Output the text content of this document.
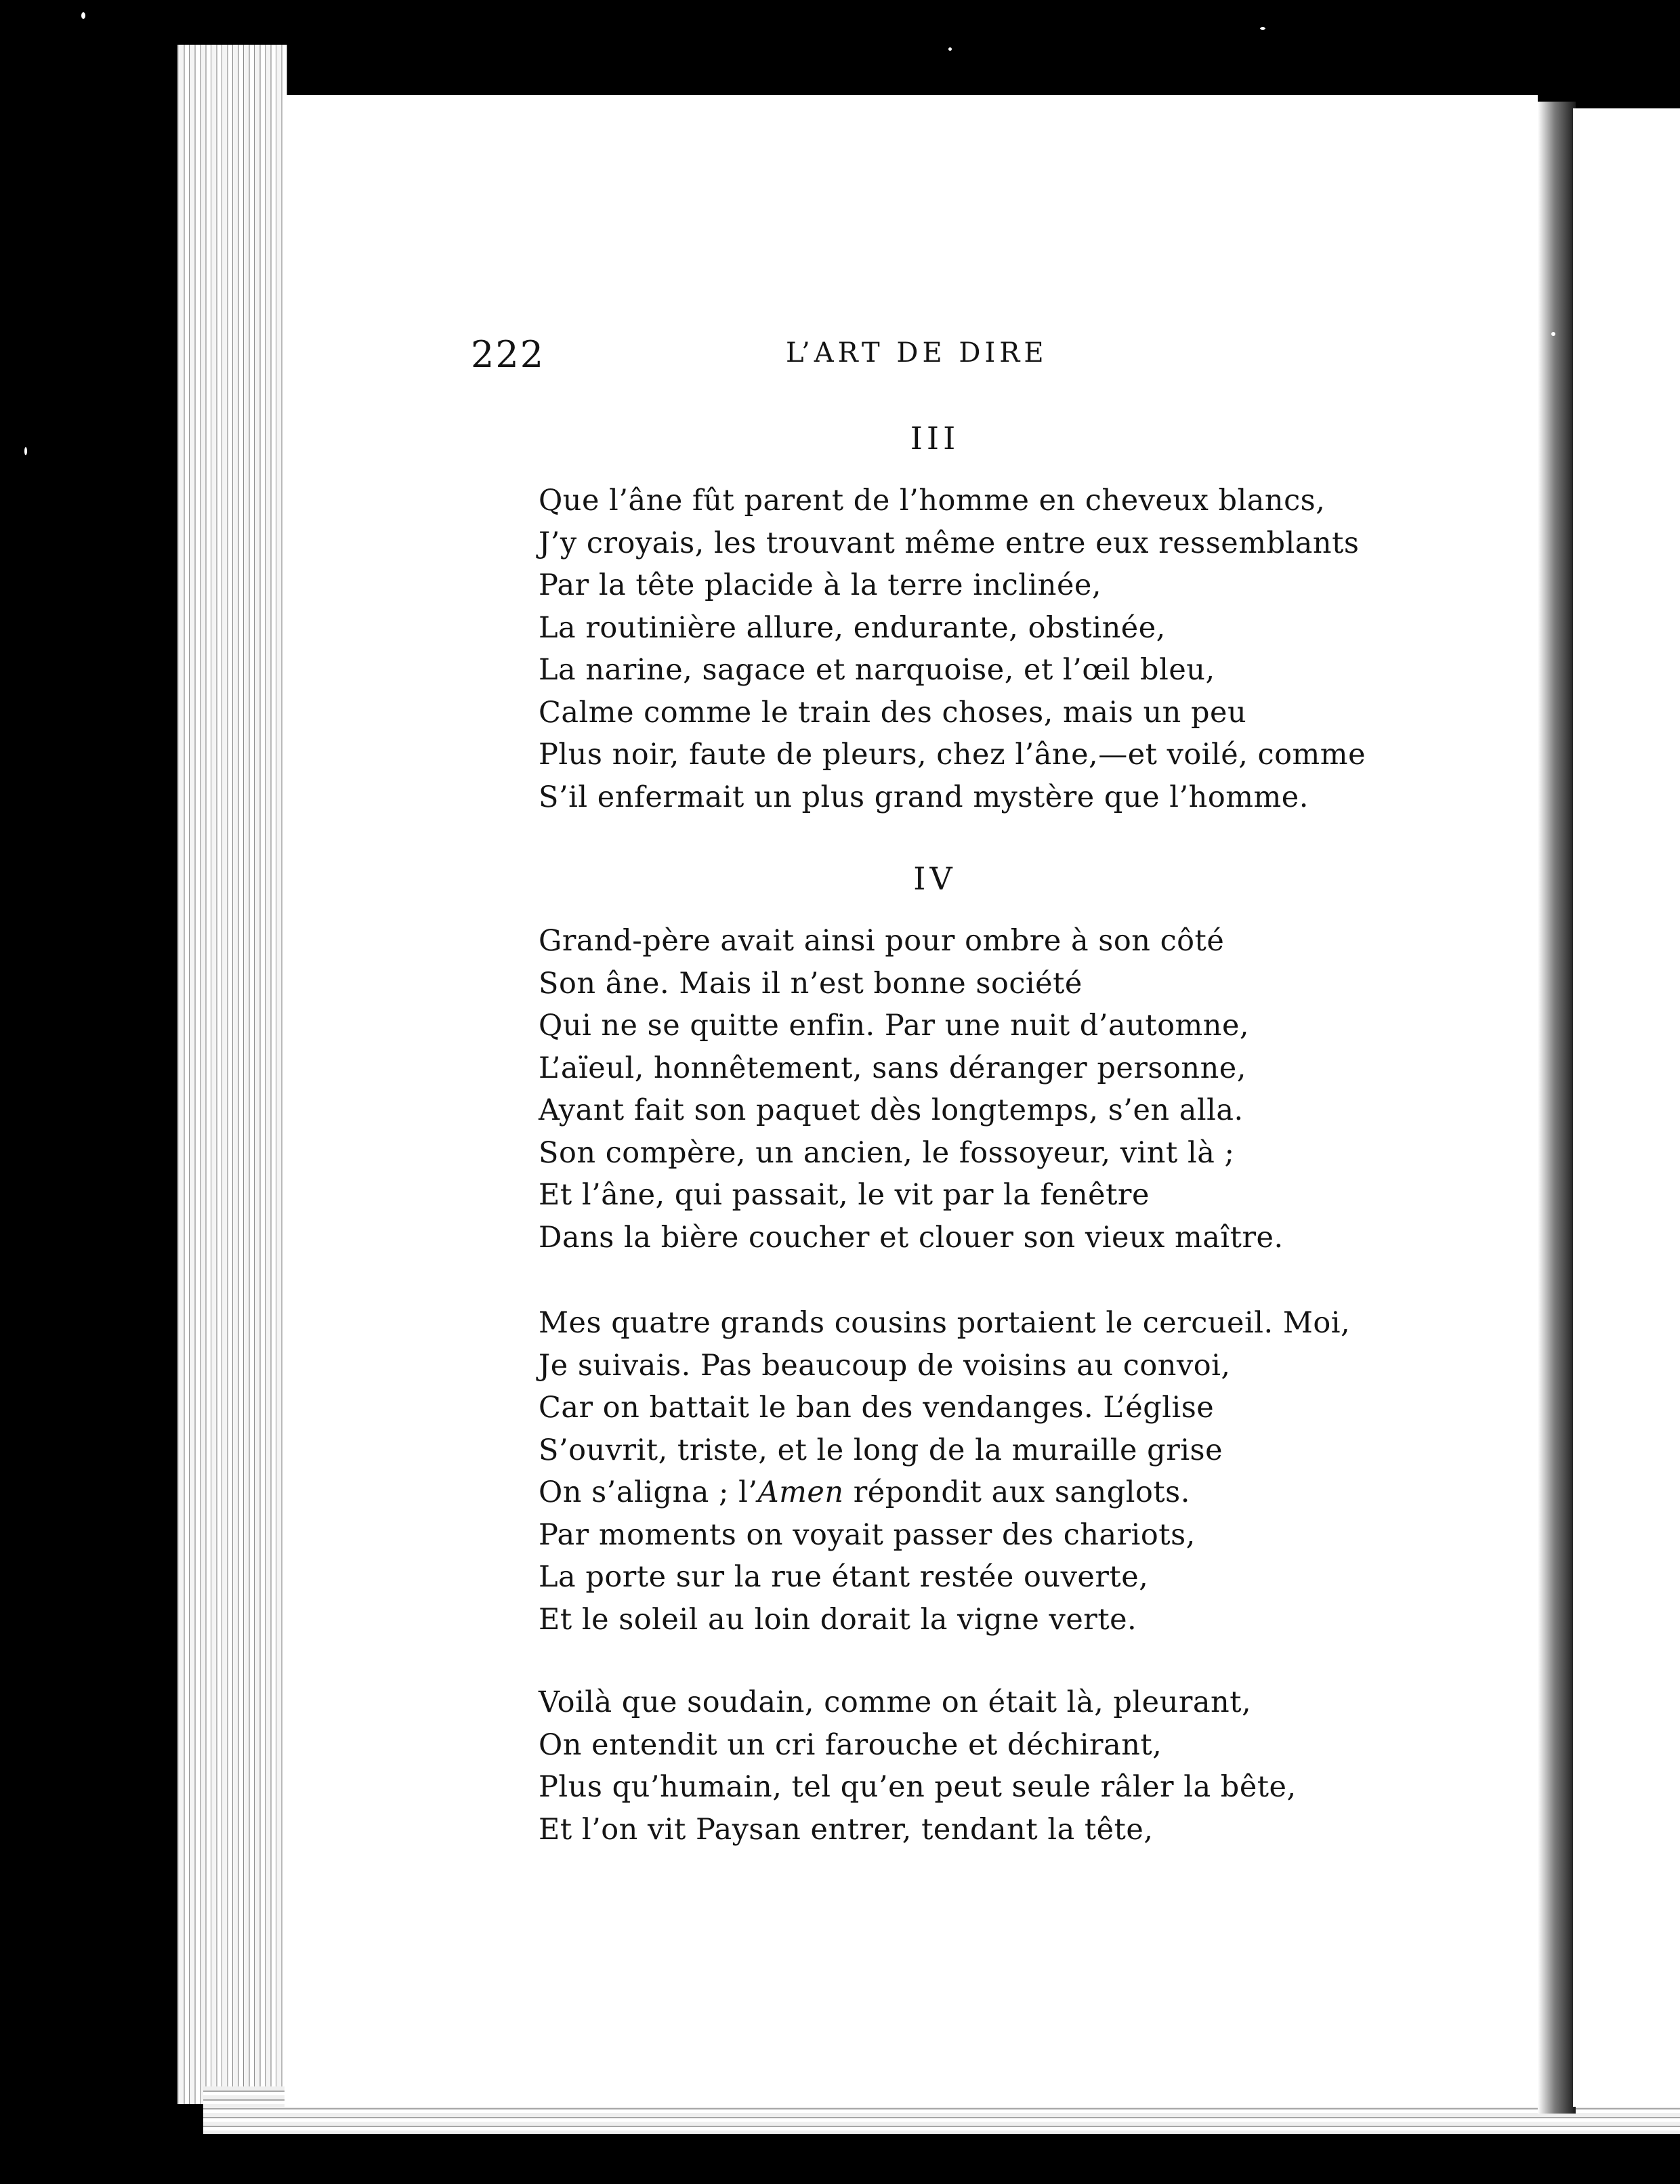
222	L’ART DE DIRE
III
Que l’âne fût parent de l’homme en cheveux blancs,
J’y croyais, les trouvant même entre eux ressemblants
Par la tête placide à la terre inclinée,
La routinière allure, endurante, obstinée,
La narine, sagace et narquoise, et l’œil bleu,
Calme comme le train des choses, mais un peu
Plus noir, faute de pleurs, chez l’âne,—et voilé, comme
S’il enfermait un plus grand mystère que l’homme.
IV
Grand-père avait ainsi pour ombre à son côté
Son âne. Mais il n’est bonne société
Qui ne se quitte enfin. Par une nuit d’automne,
L’aïeul, honnêtement, sans déranger personne,
Ayant fait son paquet dès longtemps, s’en alla.
Son compère, un ancien, le fossoyeur, vint là ;
Et l’âne, qui passait, le vit par la fenêtre
Dans la bière coucher et clouer son vieux maître.
Mes quatre grands cousins portaient le cercueil. Moi,
Je suivais. Pas beaucoup de voisins au convoi,
Car on battait le ban des vendanges. L’église
S’ouvrit, triste, et le long de la muraille grise
On s’aligna ; l’Amen répondit aux sanglots.
Par moments on voyait passer des chariots,
La porte sur la rue étant restée ouverte,
Et le soleil au loin dorait la vigne verte.
Voilà que soudain, comme on était là, pleurant,
On entendit un cri farouche et déchirant,
Plus qu’humain, tel qu’en peut seule râler la bête,
Et l’on vit Paysan entrer, tendant la tête,
